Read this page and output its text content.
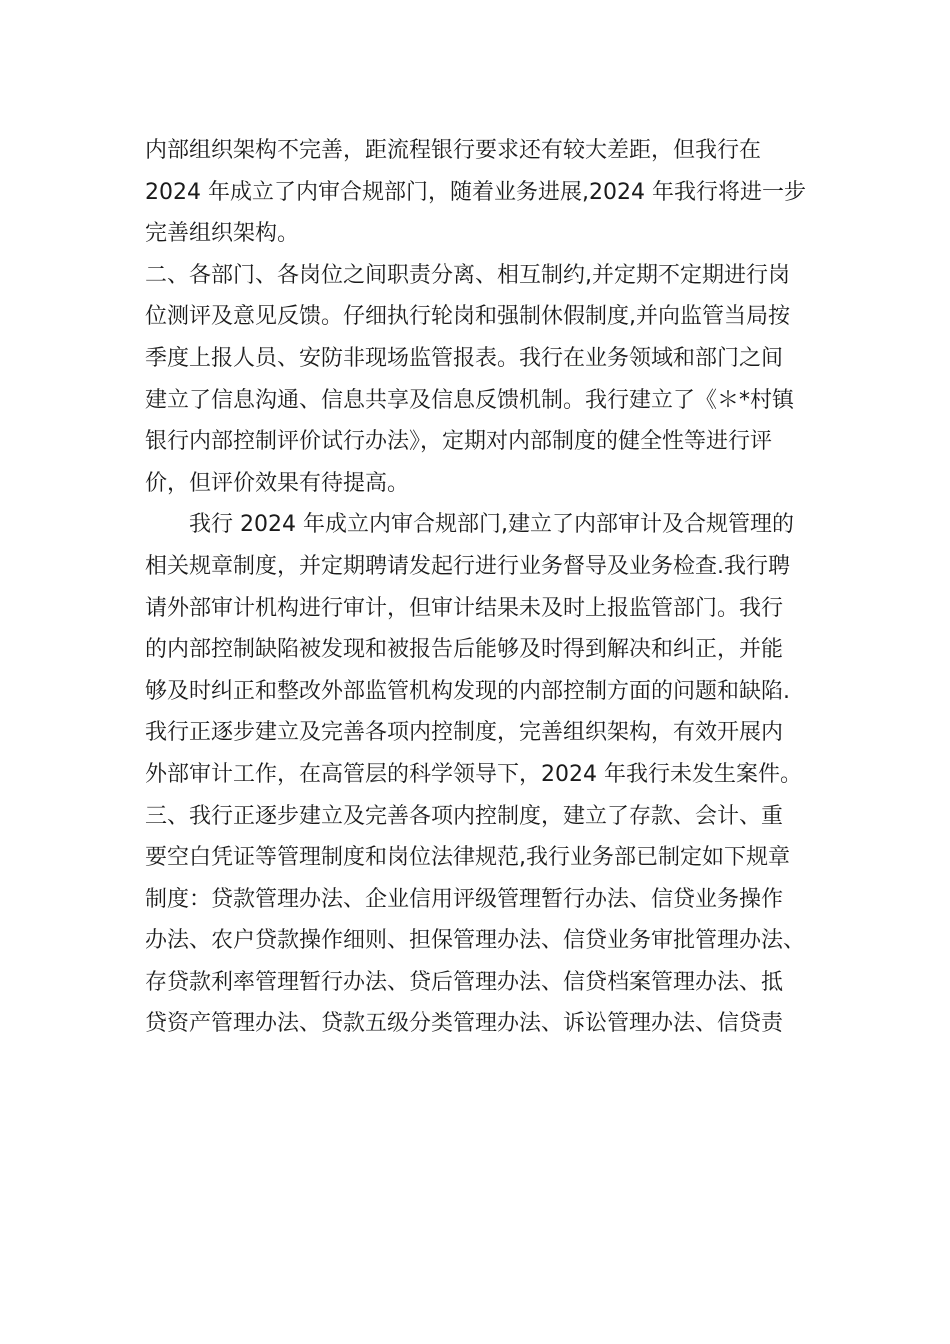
内部组织架构不完善，距流程银行要求还有较大差距，但我行在
2024 年成立了内审合规部门，随着业务进展,2024 年我行将进一步
完善组织架构。
二、各部门、各岗位之间职责分离、相互制约,并定期不定期进行岗
位测评及意见反馈。仔细执行轮岗和强制休假制度,并向监管当局按
季度上报人员、安防非现场监管报表。我行在业务领域和部门之间
建立了信息沟通、信息共享及信息反馈机制。我行建立了《＊*村镇
银行内部控制评价试行办法》，定期对内部制度的健全性等进行评
价，但评价效果有待提高。
我行 2024 年成立内审合规部门,建立了内部审计及合规管理的
相关规章制度，并定期聘请发起行进行业务督导及业务检查.我行聘
请外部审计机构进行审计，但审计结果未及时上报监管部门。我行
的内部控制缺陷被发现和被报告后能够及时得到解决和纠正，并能
够及时纠正和整改外部监管机构发现的内部控制方面的问题和缺陷.
我行正逐步建立及完善各项内控制度，完善组织架构，有效开展内
外部审计工作，在高管层的科学领导下，2024 年我行未发生案件。
三、我行正逐步建立及完善各项内控制度，建立了存款、会计、重
要空白凭证等管理制度和岗位法律规范,我行业务部已制定如下规章
制度：贷款管理办法、企业信用评级管理暂行办法、信贷业务操作
办法、农户贷款操作细则、担保管理办法、信贷业务审批管理办法、
存贷款利率管理暂行办法、贷后管理办法、信贷档案管理办法、抵
贷资产管理办法、贷款五级分类管理办法、诉讼管理办法、信贷责
